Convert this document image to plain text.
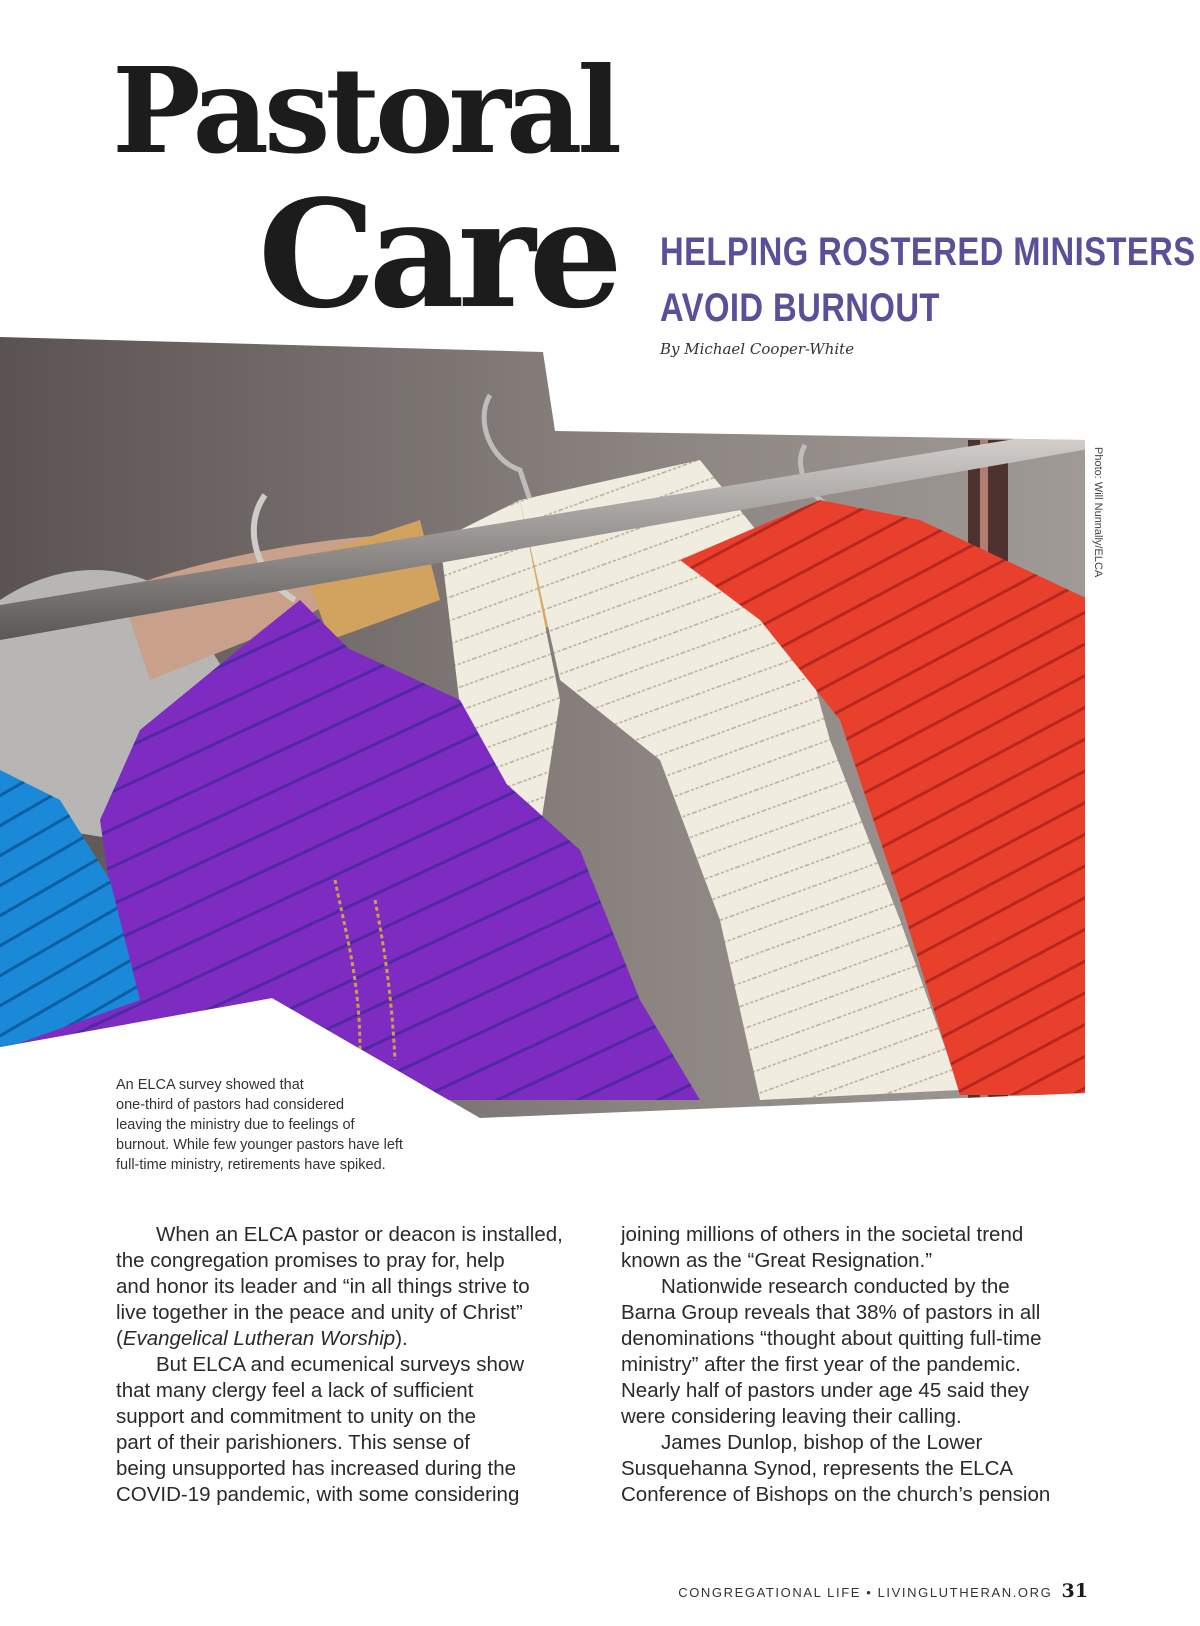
Pastoral
Care HELPING ROSTERED MINISTERS
AVOID BURNOUT
By Michael Cooper-White
Photo: Will Nunnally/ELCA
An ELCA survey showed that
one-third of pastors had considered
leaving the ministry due to feelings of
burnout. While few younger pastors have left
full-time ministry, retirements have spiked.
When an ELCA pastor or deacon is installed,
the congregation promises to pray for, help
and honor its leader and “in all things strive to
live together in the peace and unity of Christ”
(Evangelical Lutheran Worship).
But ELCA and ecumenical surveys show
that many clergy feel a lack of sufficient
support and commitment to unity on the
part of their parishioners. This sense of
being unsupported has increased during the
COVID-19 pandemic, with some considering
joining millions of others in the societal trend
known as the “Great Resignation.”
Nationwide research conducted by the
Barna Group reveals that 38% of pastors in all
denominations “thought about quitting full-time
ministry” after the first year of the pandemic.
Nearly half of pastors under age 45 said they
were considering leaving their calling.
James Dunlop, bishop of the Lower
Susquehanna Synod, represents the ELCA
Conference of Bishops on the church’s pension
CONGREGATIONAL LIFE • LIVINGLUTHERAN.ORG 31
